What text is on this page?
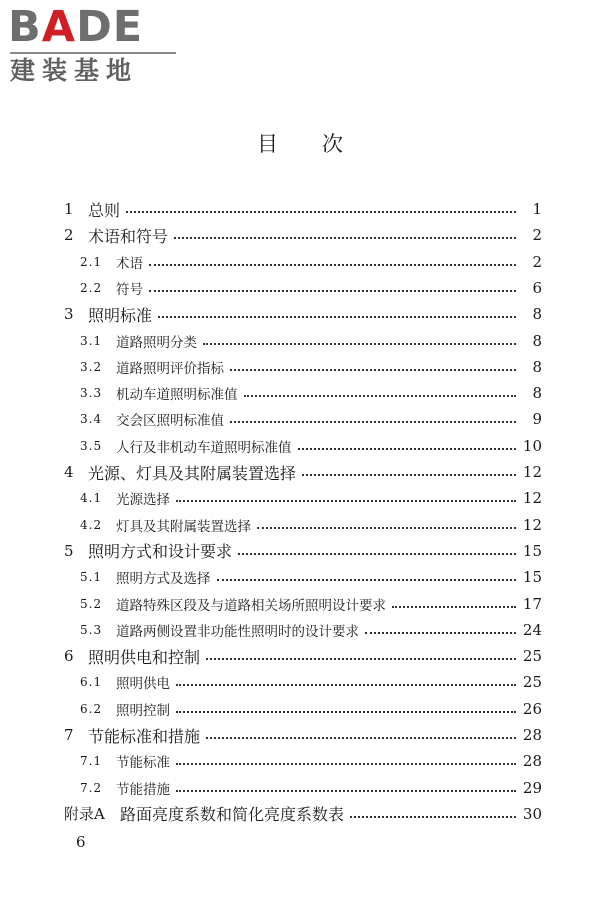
BADE
建装基地
目次
1 总则	1
2 术语和符号	2
2.1	术语	2
2.2	符号	6
3 照明标准	8
3.1	道路照明分类	8
3.2	道路照明评价指标	8
3.3	机动车道照明标准值	8
3.4	交会区照明标准值	9
3.5	人行及非机动车道照明标准值	10
4 光源、灯具及其附属装置选择	12
4.1	光源选择	12
4.2	灯具及其附属装置选择	12
5 照明方式和设计要求	15
5.1	照明方式及选择	15
5.2	道路特殊区段及与道路相关场所照明设计要求	17
5.3	道路两侧设置非功能性照明时的设计要求	24
6 照明供电和控制	25
6.1	照明供电	25
6.2	照明控制	26
7 节能标准和措施	28
7.1	节能标准	28
7.2	节能措施	29
附录A 路面亮度系数和简化亮度系数表	30
6
